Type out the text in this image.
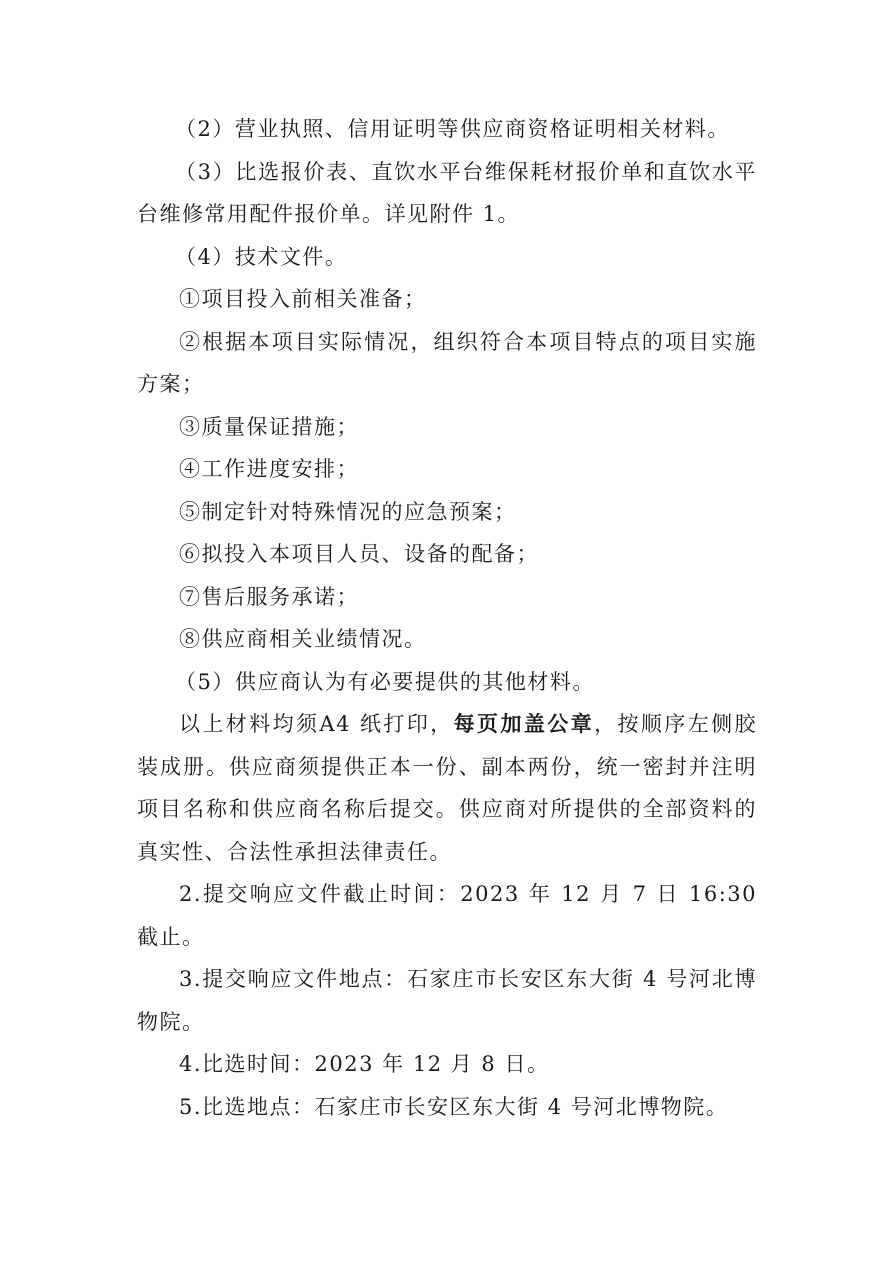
（2）营业执照、信用证明等供应商资格证明相关材料。

（3）比选报价表、直饮水平台维保耗材报价单和直饮水平台维修常用配件报价单。详见附件 1。

（4）技术文件。

①项目投入前相关准备；

②根据本项目实际情况，组织符合本项目特点的项目实施方案；

③质量保证措施；

④工作进度安排；

⑤制定针对特殊情况的应急预案；

⑥拟投入本项目人员、设备的配备；

⑦售后服务承诺；

⑧供应商相关业绩情况。

（5）供应商认为有必要提供的其他材料。

以上材料均须A4 纸打印，每页加盖公章，按顺序左侧胶装成册。供应商须提供正本一份、副本两份，统一密封并注明项目名称和供应商名称后提交。供应商对所提供的全部资料的真实性、合法性承担法律责任。

2.提交响应文件截止时间：2023 年 12 月 7 日 16:30 截止。

3.提交响应文件地点：石家庄市长安区东大街 4 号河北博物院。

4.比选时间：2023 年 12 月 8 日。

5.比选地点：石家庄市长安区东大街 4 号河北博物院。
